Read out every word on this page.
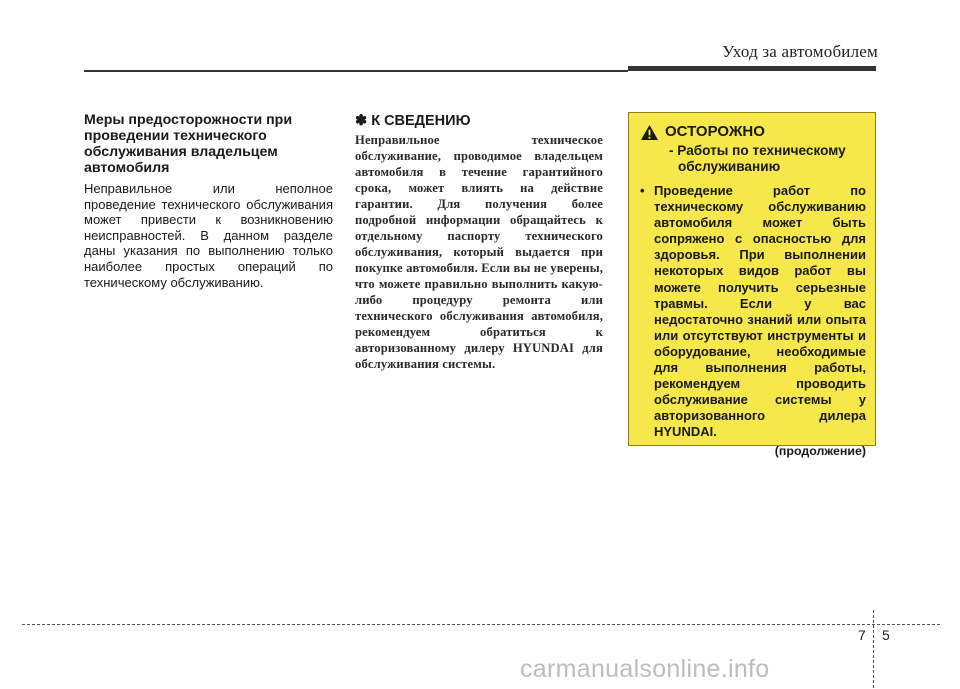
Уход за автомобилем
Меры предосторожности при проведении технического обслуживания владельцем автомобиля

Неправильное или неполное проведение технического обслуживания может привести к возникновению неисправностей. В данном разделе даны указания по выполнению только наиболее простых операций по техническому обслуживанию.

✽ К СВЕДЕНИЮ

Неправильное техническое обслуживание, проводимое владельцем автомобиля в течение гарантийного срока, может влиять на действие гарантии. Для получения более подробной информации обращайтесь к отдельному паспорту технического обслуживания, который выдается при покупке автомобиля. Если вы не уверены, что можете правильно выполнить какую-либо процедуру ремонта или технического обслуживания автомобиля, рекомендуем обратиться к авторизованному дилеру HYUNDAI для обслуживания системы.

ОСТОРОЖНО
- Работы по техническому обслуживанию
• Проведение работ по техническому обслуживанию автомобиля может быть сопряжено с опасностью для здоровья. При выполнении некоторых видов работ вы можете получить серьезные травмы. Если у вас недостаточно знаний или опыта или отсутствуют инструменты и оборудование, необходимые для выполнения работы, рекомендуем проводить обслуживание системы у авторизованного дилера HYUNDAI.
(продолжение)
7 5
carmanualsonline.info
